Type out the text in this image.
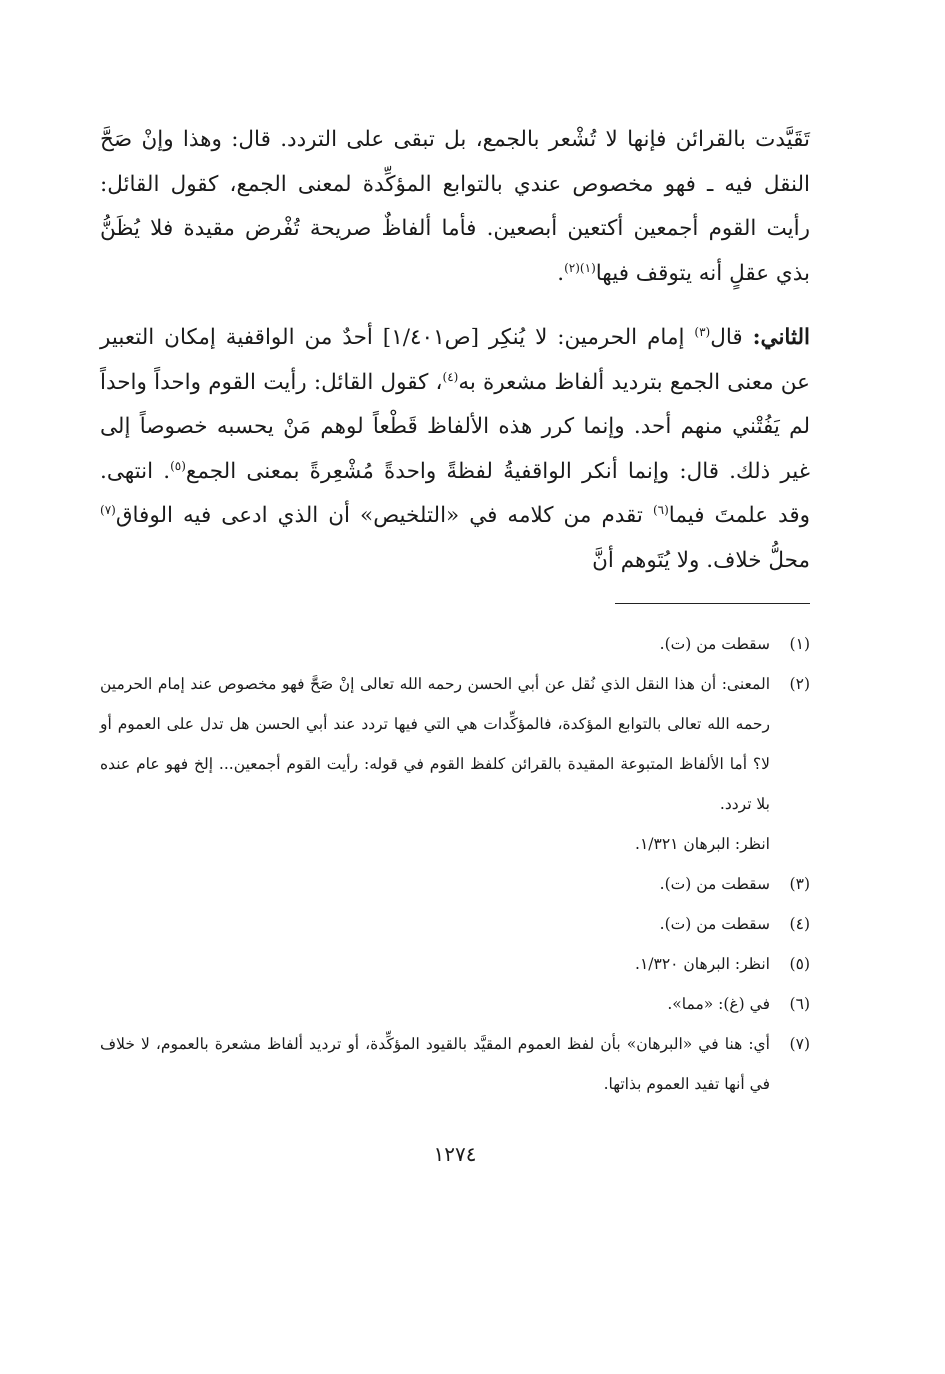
تَقَيَّدت بالقرائن فإنها لا تُشْعر بالجمع، بل تبقى على التردد. قال: وهذا وإنْ صَحَّ النقل فيه ـ فهو مخصوص عندي بالتوابع المؤكِّدة لمعنى الجمع، كقول القائل: رأيت القوم أجمعين أكتعين أبصعين. فأما ألفاظٌ صريحة تُفْرض مقيدة فلا يُظَنُّ بذي عقلٍ أنه يتوقف فيها$^{(١)(٢)}$.

الثاني: قال$^{(٣)}$ إمام الحرمين: لا يُنكِر [ص١/٤٠١] أحدٌ من الواقفية إمكان التعبير عن معنى الجمع بترديد ألفاظ مشعرة به$^{(٤)}$، كقول القائل: رأيت القوم واحداً واحداً لم يَفُتْني منهم أحد. وإنما كرر هذه الألفاظ قَطْعاً لوهم مَنْ يحسبه خصوصاً إلى غير ذلك. قال: وإنما أنكر الواقفيةُ لفظةً واحدةً مُشْعِرةً بمعنى الجمع$^{(٥)}$. انتهى. وقد علمتَ فيما$^{(٦)}$ تقدم من كلامه في «التلخيص» أن الذي ادعى فيه الوفاق$^{(٧)}$ محلُّ خلاف. ولا يُتَوهم أنَّ

(١)
سقطت من (ت).
(٢)
المعنى: أن هذا النقل الذي نُقل عن أبي الحسن رحمه الله تعالى إنْ صَحَّ فهو مخصوص عند إمام الحرمين رحمه الله تعالى بالتوابع المؤكدة، فالمؤكِّدات هي التي فيها تردد عند أبي الحسن هل تدل على العموم أو لا؟ أما الألفاظ المتبوعة المقيدة بالقرائن كلفظ القوم في قوله: رأيت القوم أجمعين... إلخ فهو عام عنده بلا تردد.
انظر: البرهان ١/٣٢١.
(٣)
سقطت من (ت).
(٤)
سقطت من (ت).
(٥)
انظر: البرهان ١/٣٢٠.
(٦)
في (غ): «مما».
(٧)
أي: هنا في «البرهان» بأن لفظ العموم المقيَّد بالقيود المؤكِّدة، أو ترديد ألفاظ مشعرة بالعموم، لا خلاف في أنها تفيد العموم بذاتها.
١٢٧٤
